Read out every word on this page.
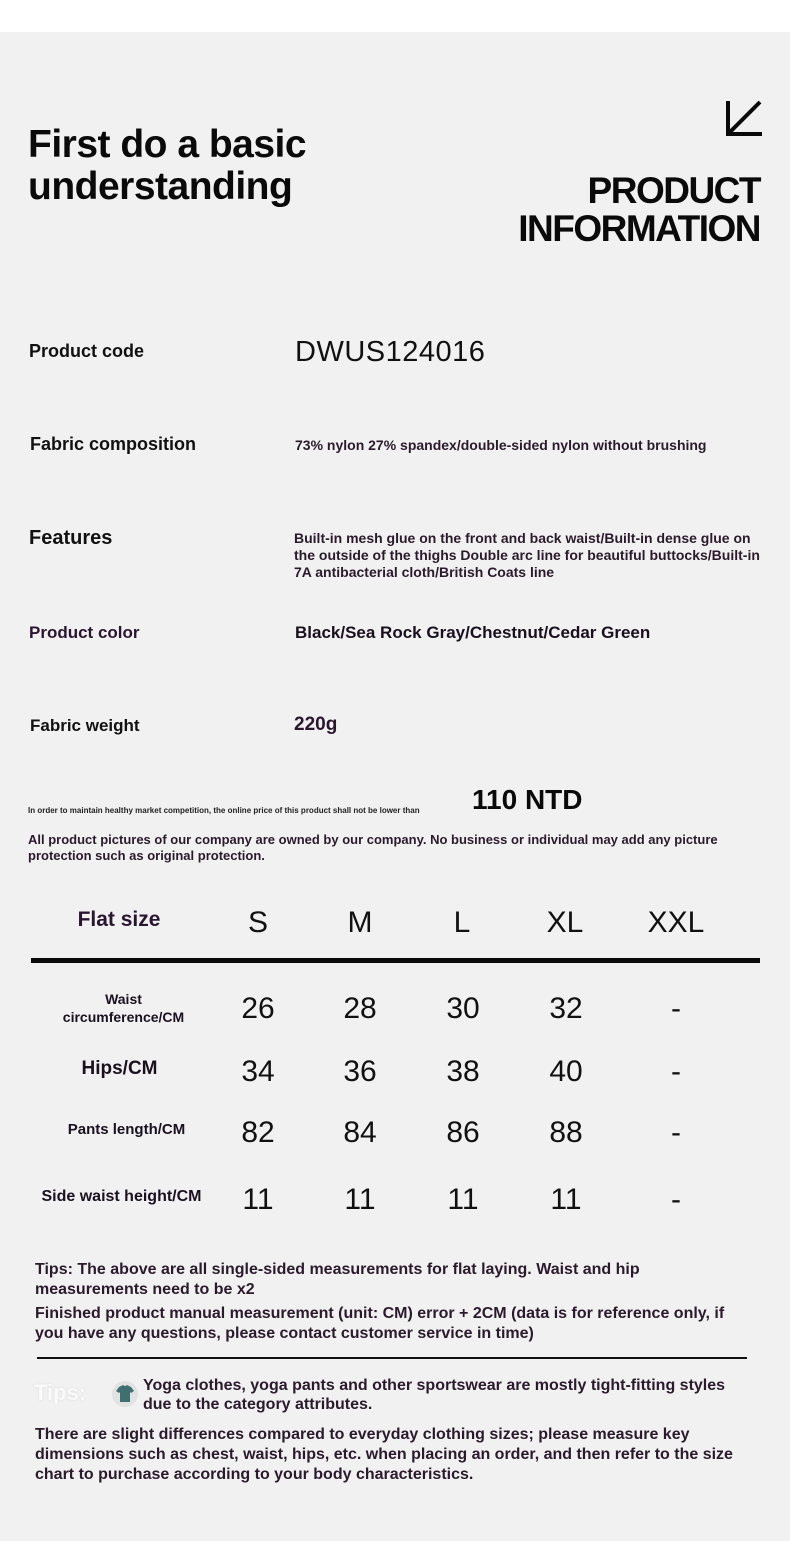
First do a basic
understanding	PRODUCT
INFORMATION
Product code	DWUS124016
Fabric composition	73% nylon 27% spandex/double-sided nylon without brushing
Features	Built-in mesh glue on the front and back waist/Built-in dense glue on the outside of the thighs Double arc line for beautiful buttocks/Built-in 7A antibacterial cloth/British Coats line
Product color	Black/Sea Rock Gray/Chestnut/Cedar Green
Fabric weight	220g
In order to maintain healthy market competition, the online price of this product shall not be lower than	110 NTD
All product pictures of our company are owned by our company. No business or individual may add any picture protection such as original protection.
Flat size	S	M	L	XL	XXL
Waist
circumference/CM	26	28	30	32	-
Hips/CM	34	36	38	40	-
Pants length/CM	82	84	86	88	-
Side waist height/CM	11	11	11	11	-
Tips: The above are all single-sided measurements for flat laying. Waist and hip measurements need to be x2
Finished product manual measurement (unit: CM) error + 2CM (data is for reference only, if you have any questions, please contact customer service in time)
Tips:	Yoga clothes, yoga pants and other sportswear are mostly tight-fitting styles due to the category attributes.
There are slight differences compared to everyday clothing sizes; please measure key dimensions such as chest, waist, hips, etc. when placing an order, and then refer to the size chart to purchase according to your body characteristics.
